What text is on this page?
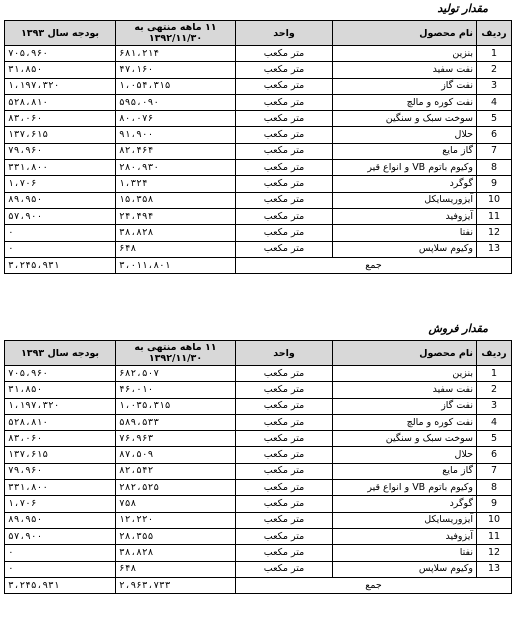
مقدار تولید
ردیف	نام محصول	واحد	۱۱ ماهه منتهی به ۱۳۹۲/۱۱/۳۰	بودجه سال ۱۳۹۳
1	بنزین	متر مکعب	۶۸۱،۲۱۴	۷۰۵،۹۶۰
2	نفت سفید	متر مکعب	۴۷،۱۶۰	۳۱،۸۵۰
3	نفت گاز	متر مکعب	۱،۰۵۴،۳۱۵	۱،۱۹۷،۳۲۰
4	نفت کوره و مالچ	متر مکعب	۵۹۵،۰۹۰	۵۲۸،۸۱۰
5	سوخت سبک و سنگین	متر مکعب	۸۰،۰۷۶	۸۳،۰۶۰
6	حلال	متر مکعب	۹۱،۹۰۰	۱۳۷،۶۱۵
7	گاز مایع	متر مکعب	۸۲،۴۶۴	۷۹،۹۶۰
8	وکیوم باتوم VB و انواع قیر	متر مکعب	۲۸۰،۹۳۰	۳۳۱،۸۰۰
9	گوگرد	متر مکعب	۱،۳۲۴	۱،۷۰۶
10	آیزوریسایکل	متر مکعب	۱۵،۳۵۸	۸۹،۹۵۰
11	آیزوفید	متر مکعب	۲۴،۴۹۴	۵۷،۹۰۰
12	نفتا	متر مکعب	۳۸،۸۲۸	۰
13	وکیوم سلاپس	متر مکعب	۶۴۸	۰
جمع			۳،۰۱۱،۸۰۱	۳،۲۴۵،۹۳۱
مقدار فروش
ردیف	نام محصول	واحد	۱۱ ماهه منتهی به ۱۳۹۲/۱۱/۳۰	بودجه سال ۱۳۹۳
1	بنزین	متر مکعب	۶۸۲،۵۰۷	۷۰۵،۹۶۰
2	نفت سفید	متر مکعب	۴۶،۰۱۰	۳۱،۸۵۰
3	نفت گاز	متر مکعب	۱،۰۳۵،۳۱۵	۱،۱۹۷،۳۲۰
4	نفت کوره و مالچ	متر مکعب	۵۸۹،۵۳۳	۵۲۸،۸۱۰
5	سوخت سبک و سنگین	متر مکعب	۷۶،۹۶۳	۸۳،۰۶۰
6	حلال	متر مکعب	۸۷،۵۰۹	۱۳۷،۶۱۵
7	گاز مایع	متر مکعب	۸۲،۵۴۲	۷۹،۹۶۰
8	وکیوم باتوم VB و انواع قیر	متر مکعب	۲۸۲،۵۲۵	۳۳۱،۸۰۰
9	گوگرد	متر مکعب	۷۵۸	۱،۷۰۶
10	آیزوریسایکل	متر مکعب	۱۲،۲۲۰	۸۹،۹۵۰
11	آیزوفید	متر مکعب	۲۸،۳۵۵	۵۷،۹۰۰
12	نفتا	متر مکعب	۳۸،۸۲۸	۰
13	وکیوم سلاپس	متر مکعب	۶۴۸	۰
جمع			۲،۹۶۳،۷۳۳	۳،۲۴۵،۹۳۱
